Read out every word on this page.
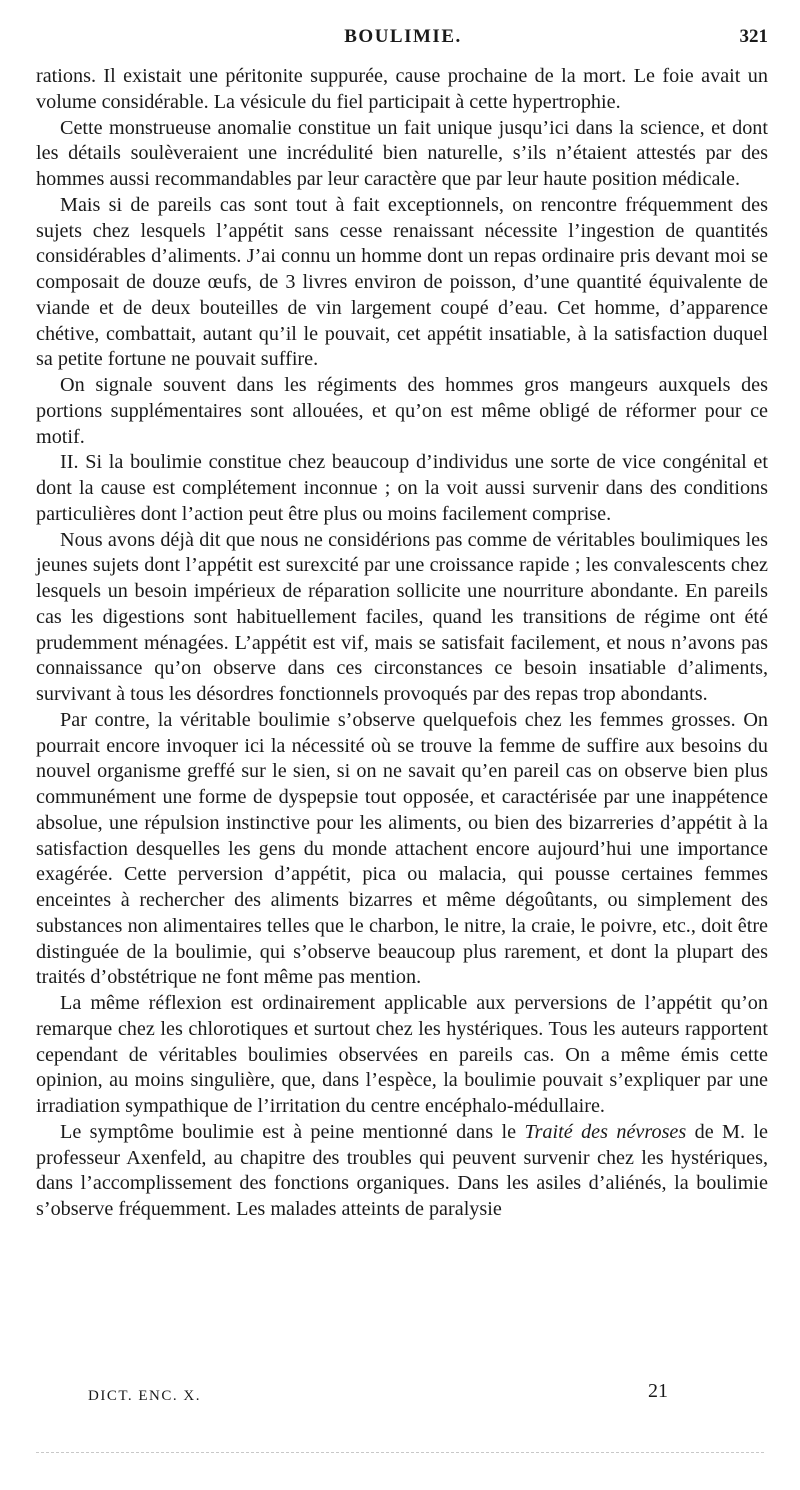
BOULIMIE.	321

rations. Il existait une péritonite suppurée, cause prochaine de la mort. Le foie avait un volume considérable. La vésicule du fiel participait à cette hypertrophie.

Cette monstrueuse anomalie constitue un fait unique jusqu’ici dans la science, et dont les détails soulèveraient une incrédulité bien naturelle, s’ils n’étaient attestés par des hommes aussi recommandables par leur caractère que par leur haute position médicale.

Mais si de pareils cas sont tout à fait exceptionnels, on rencontre fréquemment des sujets chez lesquels l’appétit sans cesse renaissant nécessite l’ingestion de quantités considérables d’aliments. J’ai connu un homme dont un repas ordinaire pris devant moi se composait de douze œufs, de 3 livres environ de poisson, d’une quantité équivalente de viande et de deux bouteilles de vin largement coupé d’eau. Cet homme, d’apparence chétive, combattait, autant qu’il le pouvait, cet appétit insatiable, à la satisfaction duquel sa petite fortune ne pouvait suffire.

On signale souvent dans les régiments des hommes gros mangeurs auxquels des portions supplémentaires sont allouées, et qu’on est même obligé de réformer pour ce motif.

II. Si la boulimie constitue chez beaucoup d’individus une sorte de vice congénital et dont la cause est complétement inconnue ; on la voit aussi survenir dans des conditions particulières dont l’action peut être plus ou moins facilement comprise.

Nous avons déjà dit que nous ne considérions pas comme de véritables boulimiques les jeunes sujets dont l’appétit est surexcité par une croissance rapide ; les convalescents chez lesquels un besoin impérieux de réparation sollicite une nourriture abondante. En pareils cas les digestions sont habituellement faciles, quand les transitions de régime ont été prudemment ménagées. L’appétit est vif, mais se satisfait facilement, et nous n’avons pas connaissance qu’on observe dans ces circonstances ce besoin insatiable d’aliments, survivant à tous les désordres fonctionnels provoqués par des repas trop abondants.

Par contre, la véritable boulimie s’observe quelquefois chez les femmes grosses. On pourrait encore invoquer ici la nécessité où se trouve la femme de suffire aux besoins du nouvel organisme greffé sur le sien, si on ne savait qu’en pareil cas on observe bien plus communément une forme de dyspepsie tout opposée, et caractérisée par une inappétence absolue, une répulsion instinctive pour les aliments, ou bien des bizarreries d’appétit à la satisfaction desquelles les gens du monde attachent encore aujourd’hui une importance exagérée. Cette perversion d’appétit, pica ou malacia, qui pousse certaines femmes enceintes à rechercher des aliments bizarres et même dégoûtants, ou simplement des substances non alimentaires telles que le charbon, le nitre, la craie, le poivre, etc., doit être distinguée de la boulimie, qui s’observe beaucoup plus rarement, et dont la plupart des traités d’obstétrique ne font même pas mention.

La même réflexion est ordinairement applicable aux perversions de l’appétit qu’on remarque chez les chlorotiques et surtout chez les hystériques. Tous les auteurs rapportent cependant de véritables boulimies observées en pareils cas. On a même émis cette opinion, au moins singulière, que, dans l’espèce, la boulimie pouvait s’expliquer par une irradiation sympathique de l’irritation du centre encéphalo-médullaire.

Le symptôme boulimie est à peine mentionné dans le Traité des névroses de M. le professeur Axenfeld, au chapitre des troubles qui peuvent survenir chez les hystériques, dans l’accomplissement des fonctions organiques. Dans les asiles d’aliénés, la boulimie s’observe fréquemment. Les malades atteints de paralysie

DICT. ENC. X.	21
